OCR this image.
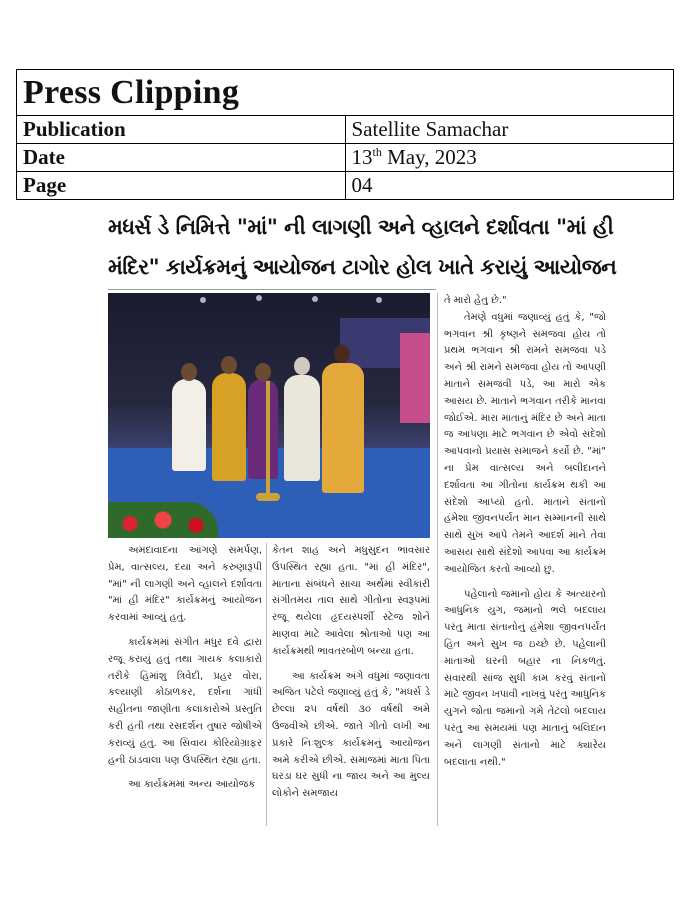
Press Clipping	
Publication	Satellite Samachar
Date	13th May, 2023
Page	04
મધર્સ ડે નિમિત્તે "માં" ની લાગણી અને વ્હાલને દર્શાવતા "માં હી
મંદિર" કાર્યક્રમનું આયોજન ટાગોર હોલ ખાતે કરાયું આયોજન

અમદાવાદના આંગણે સમર્પણ, પ્રેમ, વાત્સલ્ય, દયા અને કરુણારૂપી "માં" ની લાગણી અને વ્હાલને દર્શાવતા "માં હી મંદિર" કાર્યક્રમનું આયોજન કરવામાં આવ્યું હતું.

કાર્યક્રમમાં સંગીત મધુર દવે દ્વારા રજૂ કરાયું હતું તથા ગાયક કલાકારો તરીકે હિમાંશુ ત્રિવેદી, પ્રહર વોરા, કલ્યાણી કોઠાળકર, દર્શના ગાંધી સહીતના જાણીતા કલાકારોએ પ્રસ્તુતિ કરી હતી તથા રસદર્શન તુષાર જોષીએ કરાવ્યું હતું. આ સિવાય કોરિયોગ્રાફર હની ઠાંડવાલા પણ ઉપસ્થિત રહ્યા હતા.

આ કાર્યક્રમમાં અન્ય આયોજક

કેતન શાહ અને મધુસુદન ભાવસાર ઉપસ્થિત રહ્યા હતા. "માં હી મંદિર", માતાના સંબંધને સાચા અર્થમાં સ્વીકારી સંગીતમય તાલ સાથે ગીતોના સ્વરૂપમાં રજૂ થયેલા હૃદયસ્પર્શી સ્ટેજ શોને માણવા માટે આવેલા શ્રોતાઓ પણ આ કાર્યક્રમથી ભાવતરબોળ બન્યા હતા.

આ કાર્યક્રમ અંગે વધુમાં જણાવતા અજિત પટેલે જણાવ્યું હતું કે, "મધર્સ ડે છેલ્લા ૨૫ વર્ષથી ૩૦ વર્ષથી અમે ઉજવીએ છીએ. જાતે ગીતો લખી આ પ્રકારે નિઃશુલ્ક કાર્યક્રમનું આયોજન અમે કરીએ છીએ. સમાજમાં માતા પિતા ઘરડા ઘર સુધી ના જાય અને આ મુલ્ય લોકોને સમજાય

તે મારો હેતુ છે."

તેમણે વધુમાં જણાવ્યું હતું કે, "જો ભગવાન શ્રી કૃષ્ણને સમજવા હોય તો પ્રથમ ભગવાન શ્રી રામને સમજવા પડે અને શ્રી રામને સમજવા હોય તો આપણી માતાને સમજવી પડે, આ મારો એક આસય છે. માતાને ભગવાન તરીકે માનવા જોઈએ. મારા માતાનું મંદિર છે અને માતા જ આપણા માટે ભગવાન છે એવો સંદેશો આપવાનો પ્રયાસ સમાજને કર્યો છે. "માં" ના પ્રેમ વાત્સલ્ય અને બલીદાનને દર્શાવતા આ ગીતોના કાર્યક્રમ થકી આ સંદેશો આપ્યો હતો. માતાને સંતાનો હંમેશા જીવનપર્યંત માન સમ્માનની સાથે સાથે સુખ આપે તેમને આદર્શ માને તેવા આસય સાથે સંદેશો આપવા આ કાર્યક્રમ આયોજિત કરતો આવ્યો છું.

પહેલાનો જમાનો હોય કે અત્યારનો આધુનિક યુગ, જમાનો ભલે બદલાય પરંતુ માતા સંતાનોનું હંમેશા જીવનપર્યંત હિત અને સુખ જ ઇચ્છે છે. પહેલાની માતાઓ ઘરની બહાર ના નિકળતું. સવારથી સાંજ સુધી કામ કરવું સંતાનો માટે જીવન ખપાવી નાખવું પરંતુ આધુનિક યુગને જોતા જમાનો ગમે તેટલો બદલાય પરંતુ આ સમયમાં પણ માતાનું બલિદાન અને લાગણી સંતાનો માટે ક્યારેય બદલાતા નથી."
